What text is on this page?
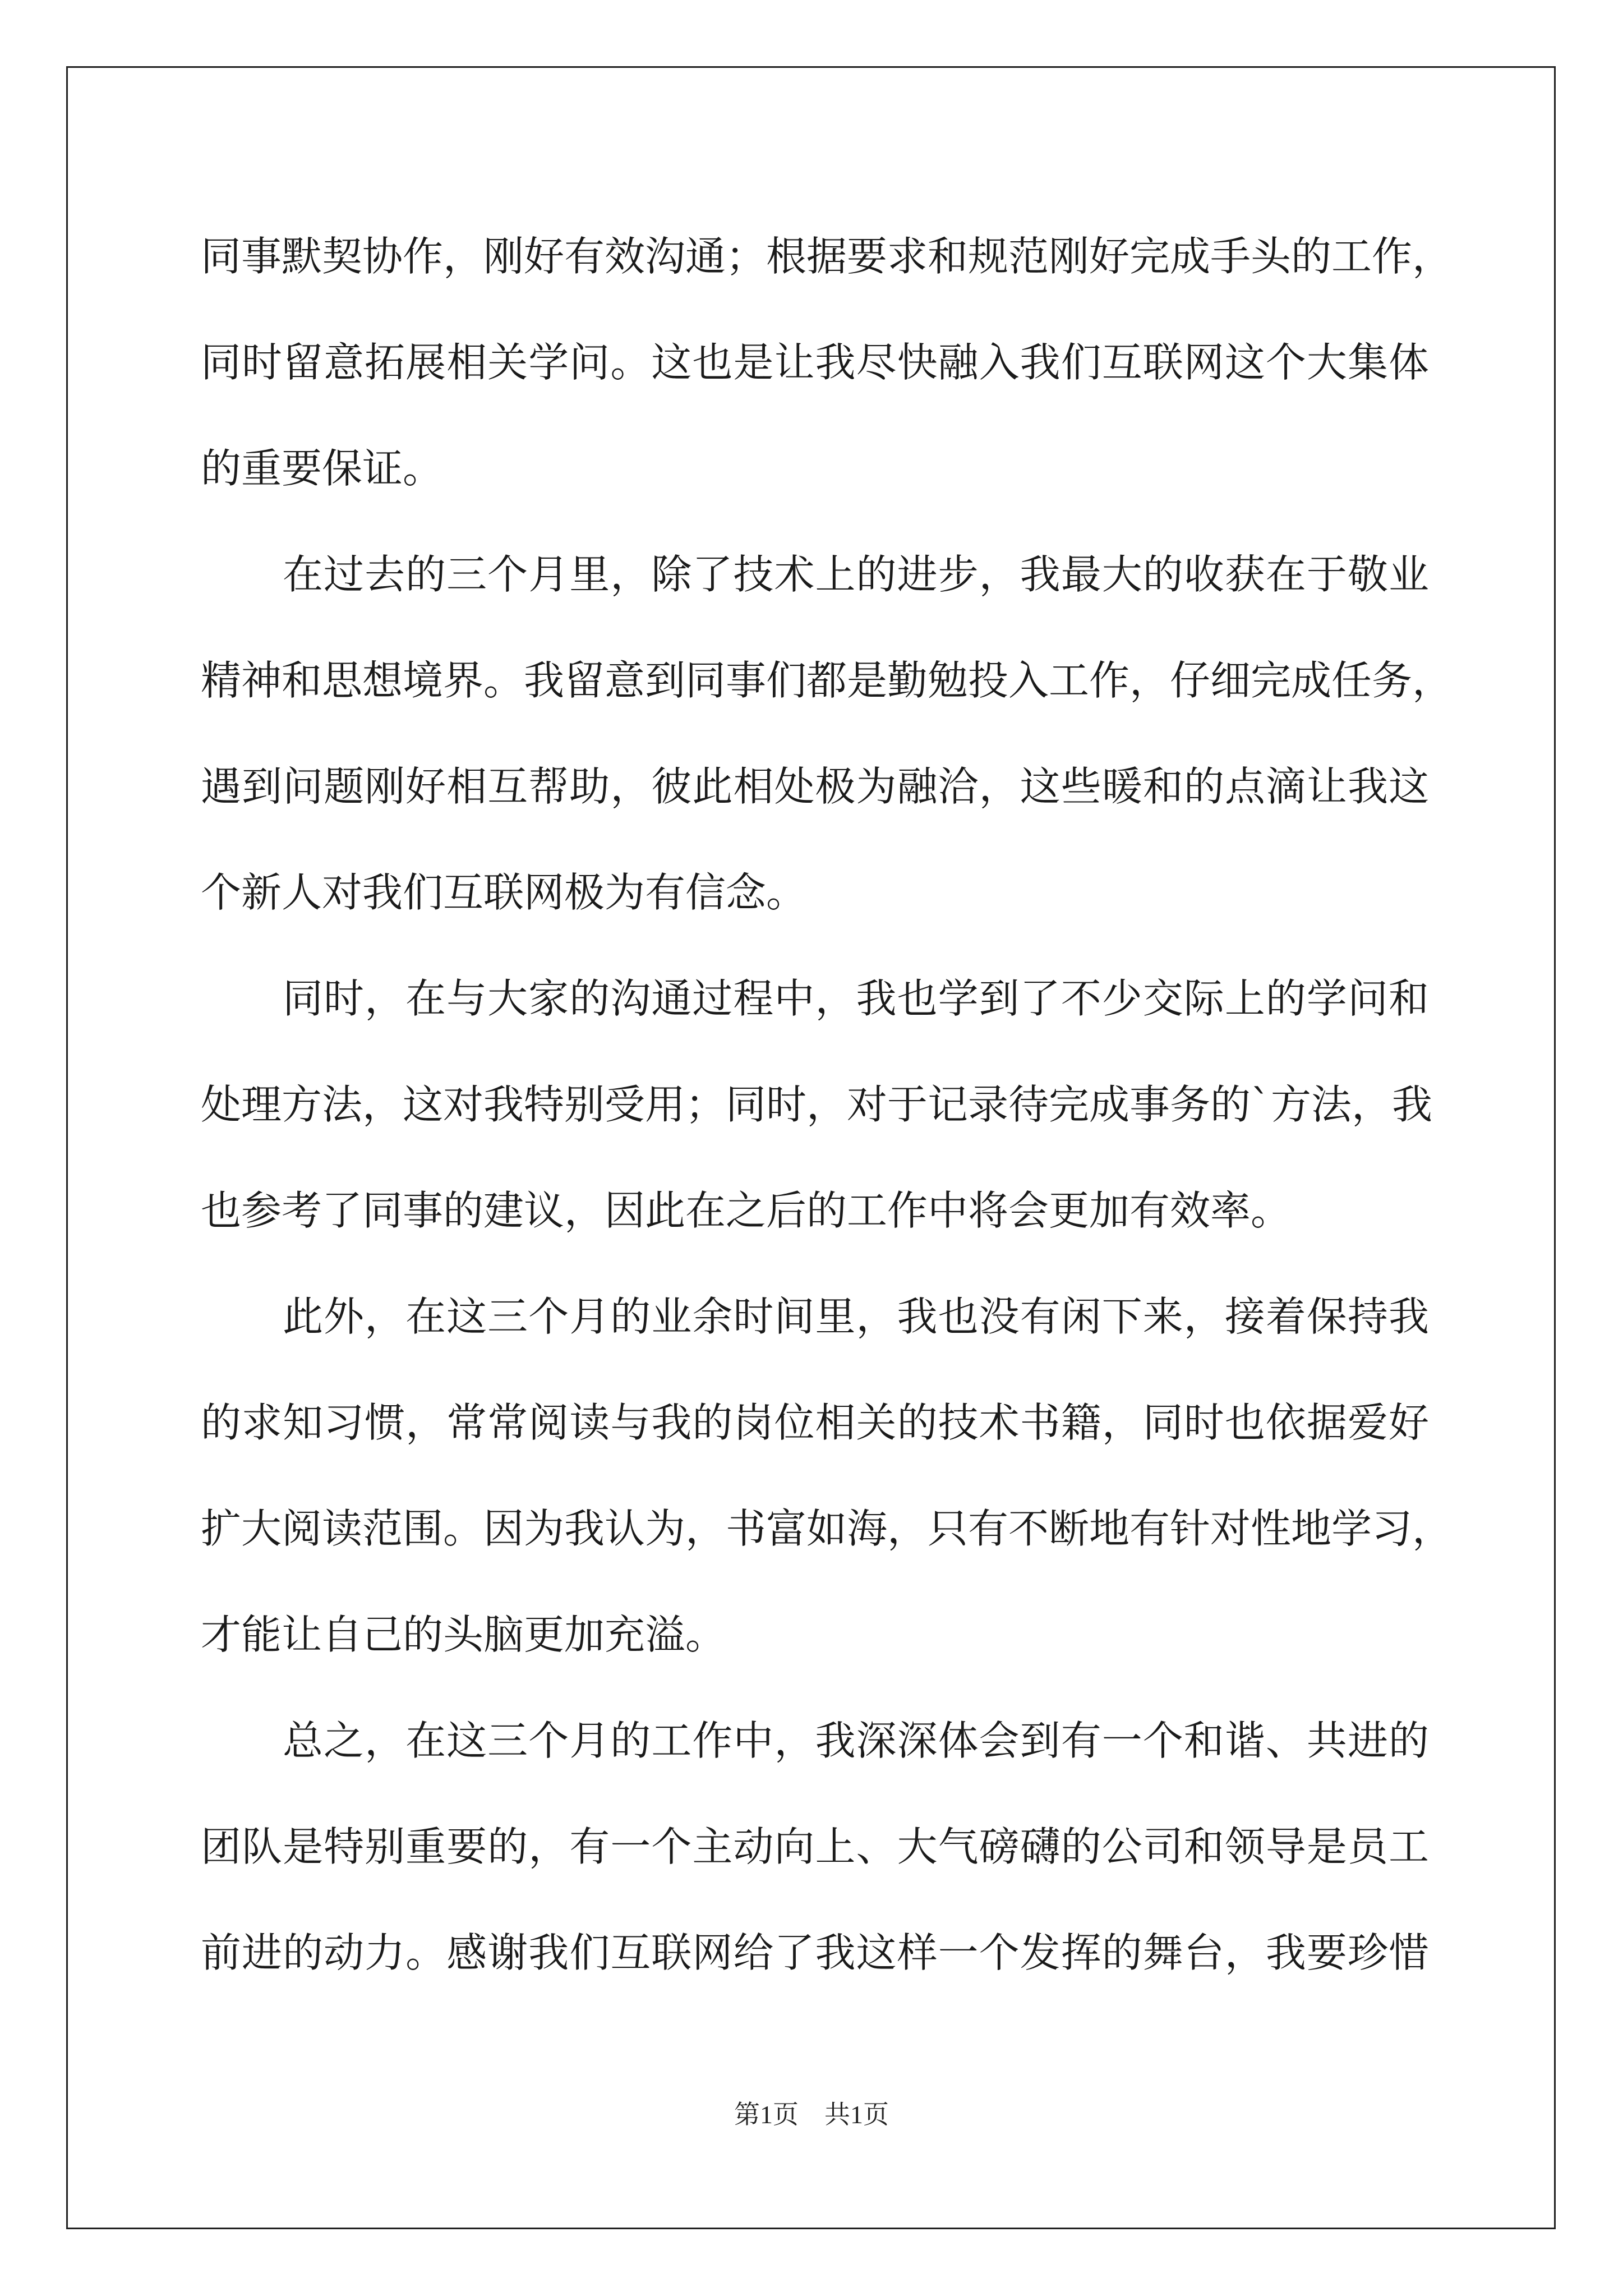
同事默契协作，刚好有效沟通；根据要求和规范刚好完成手头的工作，
同时留意拓展相关学问。这也是让我尽快融入我们互联网这个大集体
的重要保证。
在过去的三个月里，除了技术上的进步，我最大的收获在于敬业
精神和思想境界。我留意到同事们都是勤勉投入工作，仔细完成任务，
遇到问题刚好相互帮助，彼此相处极为融洽，这些暖和的点滴让我这
个新人对我们互联网极为有信念。
同时，在与大家的沟通过程中，我也学到了不少交际上的学问和
处理方法，这对我特别受用；同时，对于记录待完成事务的`方法，我
也参考了同事的建议，因此在之后的工作中将会更加有效率。
此外，在这三个月的业余时间里，我也没有闲下来，接着保持我
的求知习惯，常常阅读与我的岗位相关的技术书籍，同时也依据爱好
扩大阅读范围。因为我认为，书富如海，只有不断地有针对性地学习，
才能让自己的头脑更加充溢。
总之，在这三个月的工作中，我深深体会到有一个和谐、共进的
团队是特别重要的，有一个主动向上、大气磅礴的公司和领导是员工
前进的动力。感谢我们互联网给了我这样一个发挥的舞台，我要珍惜
第1页　共1页
